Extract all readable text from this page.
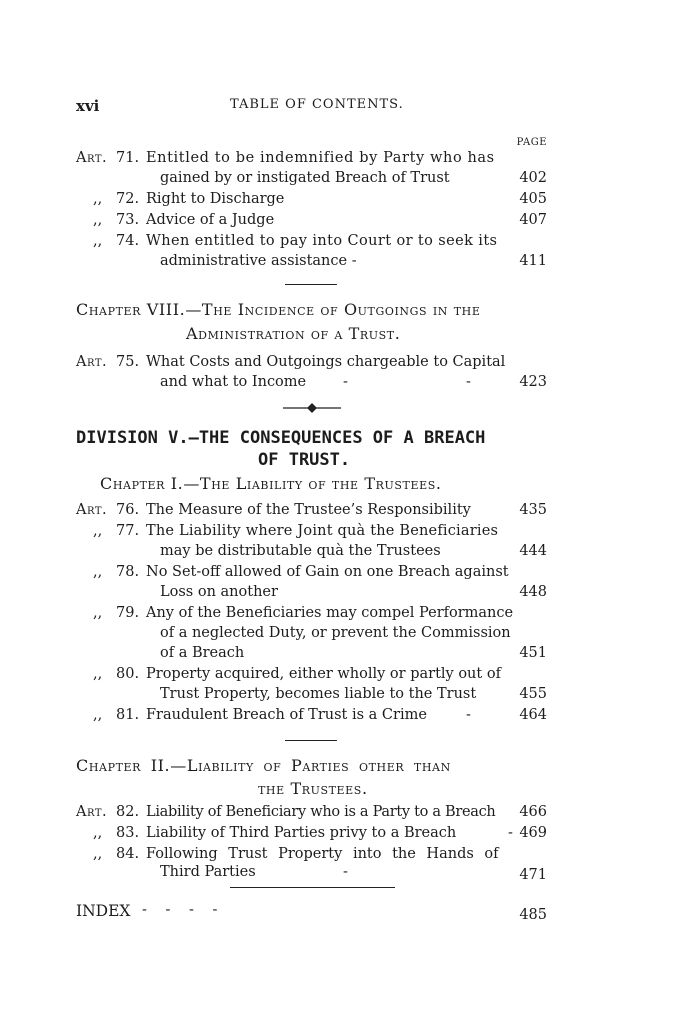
xvi	TABLE OF CONTENTS.
PAGE
Art. 71. Entitled to be indemnified by Party who has
gained by or instigated Breach of Trust	402
,, 72. Right to Discharge	405
,, 73. Advice of a Judge	407
,, 74. When entitled to pay into Court or to seek its
administrative assistance -	411
Chapter VIII.—The Incidence of Outgoings in the
Administration of a Trust.
Art. 75. What Costs and Outgoings chargeable to Capital
and what to Income	-	-	423
DIVISION V.—THE CONSEQUENCES OF A BREACH
OF TRUST.
Chapter I.—The Liability of the Trustees.
Art. 76. The Measure of the Trustee’s Responsibility	435
,, 77. The Liability where Joint quà the Beneficiaries
may be distributable quà the Trustees	444
,, 78. No Set-off allowed of Gain on one Breach against
Loss on another	448
,, 79. Any of the Beneficiaries may compel Performance
of a neglected Duty, or prevent the Commission
of a Breach	451
,, 80. Property acquired, either wholly or partly out of
Trust Property, becomes liable to the Trust	455
,, 81. Fraudulent Breach of Trust is a Crime	-	464
Chapter II.—Liability of Parties other than
the Trustees.
Art. 82. Liability of Beneficiary who is a Party to a Breach 466
,, 83. Liability of Third Parties privy to a Breach	- 469
,, 84. Following Trust Property into the Hands of
Third Parties	-	471
INDEX - - - -	485
